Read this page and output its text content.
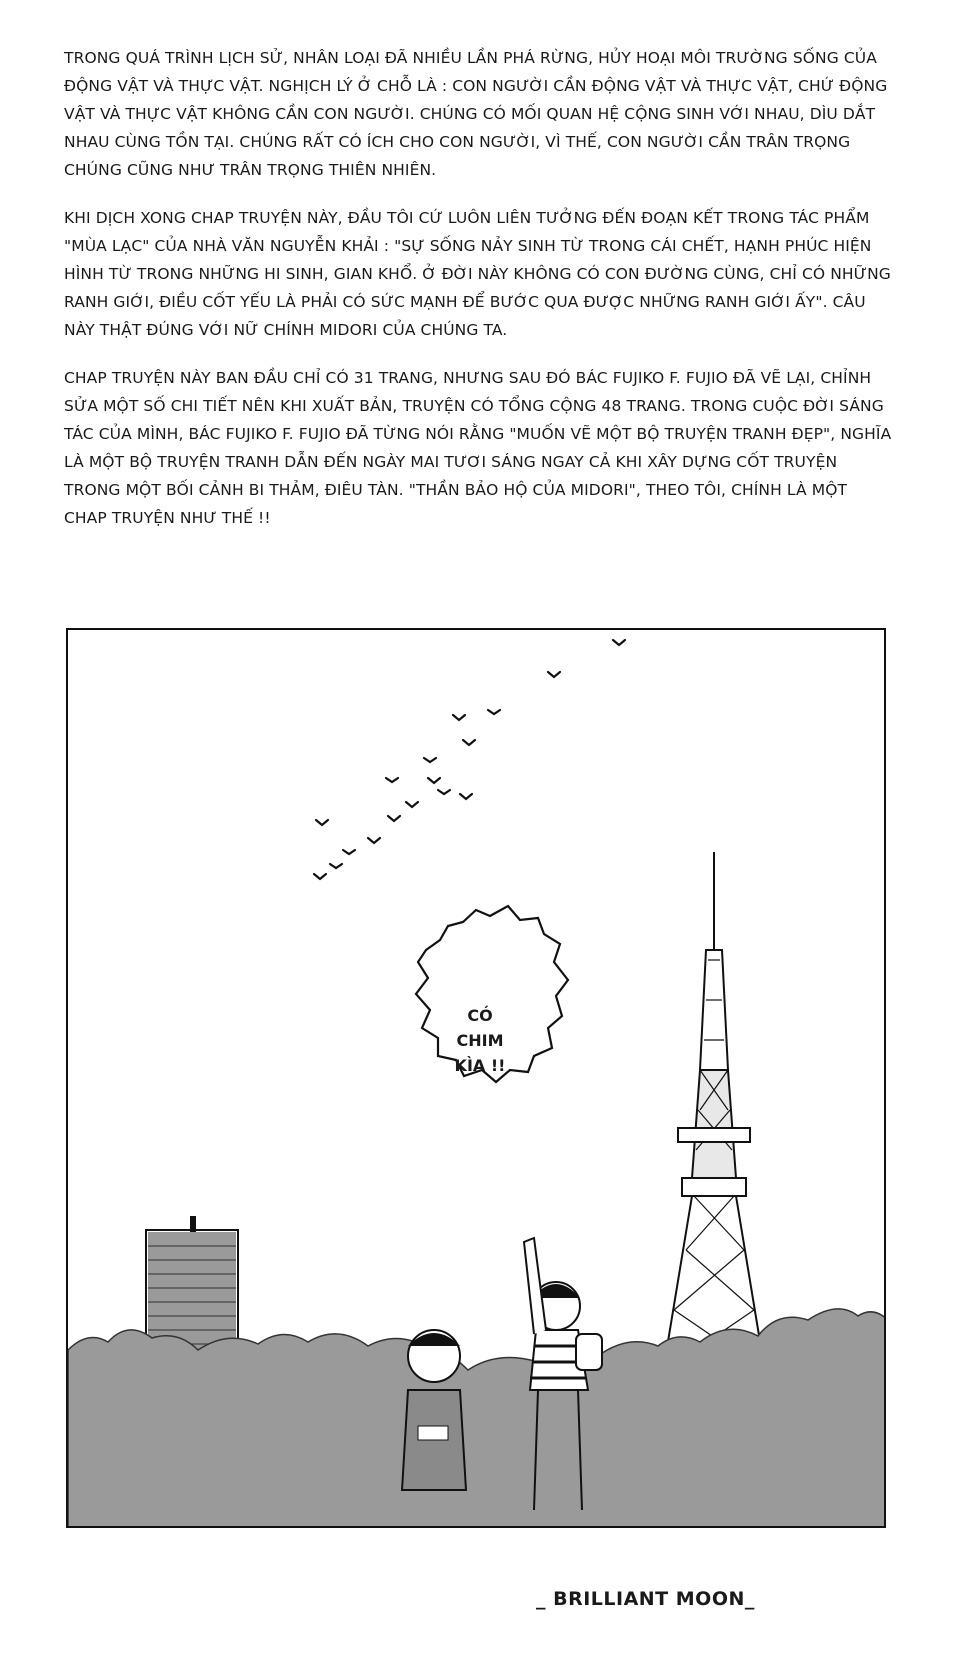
TRONG QUÁ TRÌNH LỊCH SỬ, NHÂN LOẠI ĐÃ NHIỀU LẦN PHÁ RỪNG, HỦY HOẠI MÔI TRƯỜNG SỐNG CỦA ĐỘNG VẬT VÀ THỰC VẬT. NGHỊCH LÝ Ở CHỖ LÀ : CON NGƯỜI CẦN ĐỘNG VẬT VÀ THỰC VẬT, CHỨ ĐỘNG VẬT VÀ THỰC VẬT KHÔNG CẦN CON NGƯỜI. CHÚNG CÓ MỐI QUAN HỆ CỘNG SINH VỚI NHAU, DÌU DẮT NHAU CÙNG TỒN TẠI. CHÚNG RẤT CÓ ÍCH CHO CON NGƯỜI, VÌ THẾ, CON NGƯỜI CẦN TRÂN TRỌNG CHÚNG CŨNG NHƯ TRÂN TRỌNG THIÊN NHIÊN.

KHI DỊCH XONG CHAP TRUYỆN NÀY, ĐẦU TÔI CỨ LUÔN LIÊN TƯỞNG ĐẾN ĐOẠN KẾT TRONG TÁC PHẨM "MÙA LẠC" CỦA NHÀ VĂN NGUYỄN KHẢI : "SỰ SỐNG NẢY SINH TỪ TRONG CÁI CHẾT, HẠNH PHÚC HIỆN HÌNH TỪ TRONG NHỮNG HI SINH, GIAN KHỔ. Ở ĐỜI NÀY KHÔNG CÓ CON ĐƯỜNG CÙNG, CHỈ CÓ NHỮNG RANH GIỚI, ĐIỀU CỐT YẾU LÀ PHẢI CÓ SỨC MẠNH ĐỂ BƯỚC QUA ĐƯỢC NHỮNG RANH GIỚI ẤY". CÂU NÀY THẬT ĐÚNG VỚI NỮ CHÍNH MIDORI CỦA CHÚNG TA.

CHAP TRUYỆN NÀY BAN ĐẦU CHỈ CÓ 31 TRANG, NHƯNG SAU ĐÓ BÁC FUJIKO F. FUJIO ĐÃ VẼ LẠI, CHỈNH SỬA MỘT SỐ CHI TIẾT NÊN KHI XUẤT BẢN, TRUYỆN CÓ TỔNG CỘNG 48 TRANG. TRONG CUỘC ĐỜI SÁNG TÁC CỦA MÌNH, BÁC FUJIKO F. FUJIO ĐÃ TỪNG NÓI RẰNG "MUỐN VẼ MỘT BỘ TRUYỆN TRANH ĐẸP", NGHĨA LÀ MỘT BỘ TRUYỆN TRANH DẪN ĐẾN NGÀY MAI TƯƠI SÁNG NGAY CẢ KHI XÂY DỰNG CỐT TRUYỆN TRONG MỘT BỐI CẢNH BI THẢM, ĐIÊU TÀN. "THẦN BẢO HỘ CỦA MIDORI", THEO TÔI, CHÍNH LÀ MỘT CHAP TRUYỆN NHƯ THẾ !!

CÓ
CHIM
KÌA !!
_ BRILLIANT MOON_
